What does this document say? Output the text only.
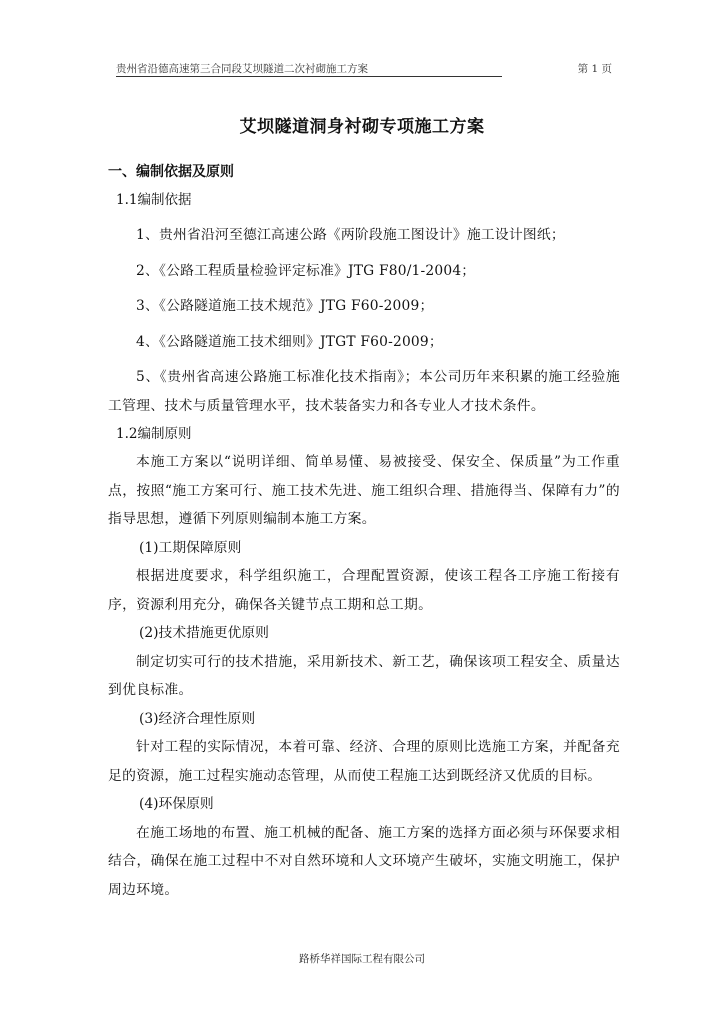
贵州省沿德高速第三合同段艾坝隧道二次衬砌施工方案	第 1 页
艾坝隧道洞身衬砌专项施工方案
一、编制依据及原则
1.1编制依据
1、贵州省沿河至德江高速公路《两阶段施工图设计》施工设计图纸；
2、《公路工程质量检验评定标准》JTG F80/1-2004；
3、《公路隧道施工技术规范》JTG F60-2009；
4、《公路隧道施工技术细则》JTGT F60-2009；

5、《贵州省高速公路施工标准化技术指南》；本公司历年来积累的施工经验施工管理、技术与质量管理水平，技术装备实力和各专业人才技术条件。

1.2编制原则

本施工方案以“说明详细、简单易懂、易被接受、保安全、保质量”为工作重点，按照“施工方案可行、施工技术先进、施工组织合理、措施得当、保障有力”的指导思想，遵循下列原则编制本施工方案。

(1)工期保障原则

根据进度要求，科学组织施工，合理配置资源，使该工程各工序施工衔接有序，资源利用充分，确保各关键节点工期和总工期。

(2)技术措施更优原则

制定切实可行的技术措施，采用新技术、新工艺，确保该项工程安全、质量达到优良标准。

(3)经济合理性原则

针对工程的实际情况，本着可靠、经济、合理的原则比选施工方案，并配备充足的资源，施工过程实施动态管理，从而使工程施工达到既经济又优质的目标。

(4)环保原则

在施工场地的布置、施工机械的配备、施工方案的选择方面必须与环保要求相结合，确保在施工过程中不对自然环境和人文环境产生破坏，实施文明施工，保护周边环境。

路桥华祥国际工程有限公司
